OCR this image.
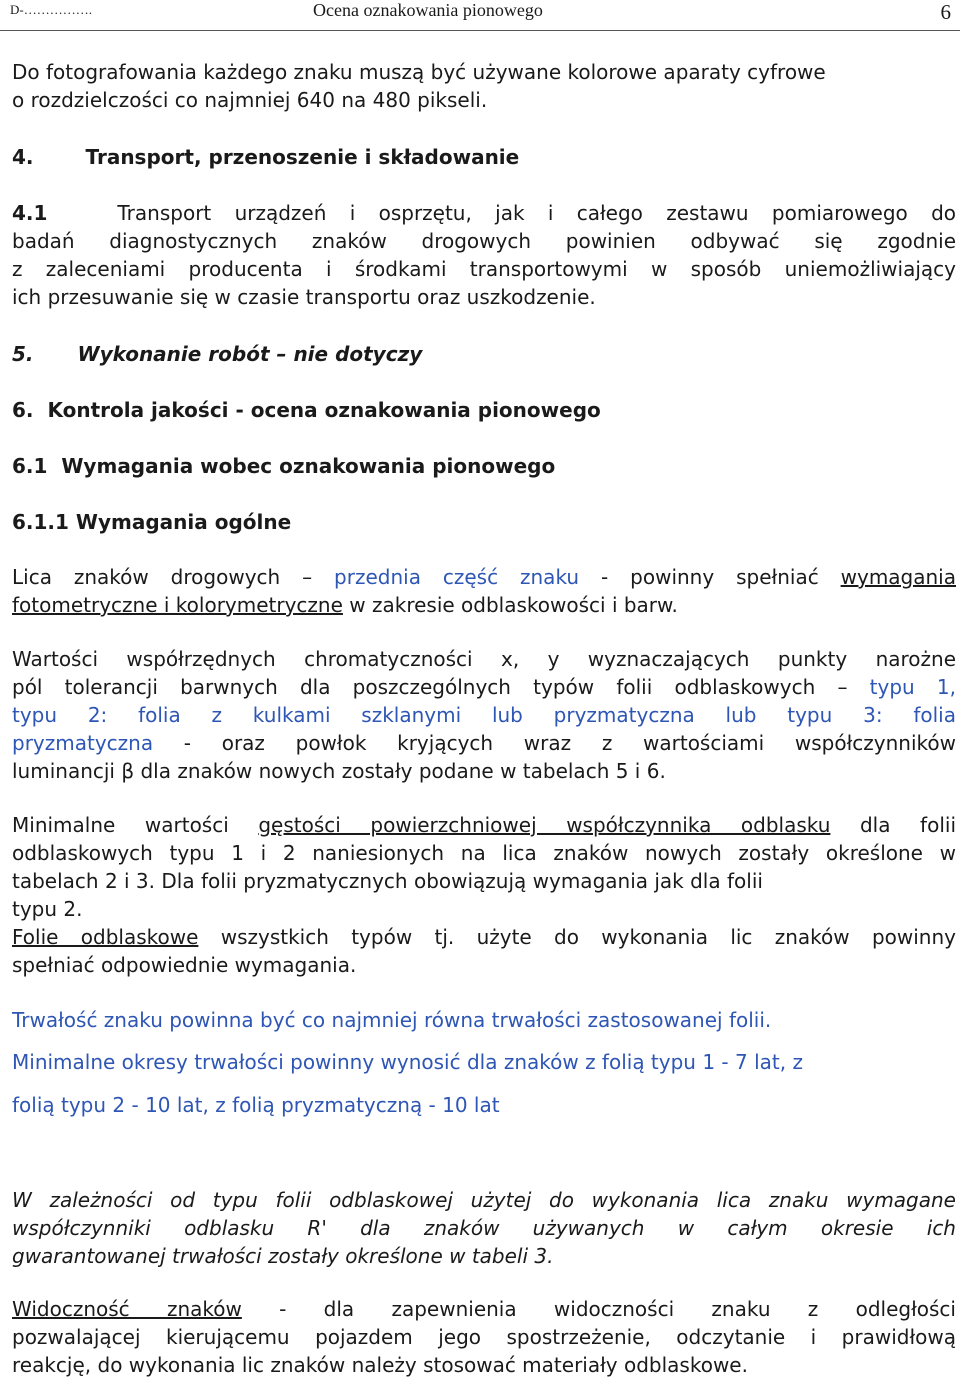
D-…………….	Ocena oznakowania pionowego	6
Do fotografowania każdego znaku muszą być używane kolorowe aparaty cyfrowe
o rozdzielczości co najmniej 640 na 480 pikseli.
4.	Transport, przenoszenie i składowanie
4.1	Transport urządzeń i osprzętu, jak i całego zestawu pomiarowego do
badań diagnostycznych znaków drogowych powinien odbywać się zgodnie
z zaleceniami producenta i środkami transportowymi w sposób uniemożliwiający
ich przesuwanie się w czasie transportu oraz uszkodzenie.
5. Wykonanie robót – nie dotyczy
6. Kontrola jakości - ocena oznakowania pionowego
6.1 Wymagania wobec oznakowania pionowego
6.1.1 Wymagania ogólne
Lica znaków drogowych – przednia część znaku - powinny spełniać wymagania
fotometryczne i kolorymetryczne w zakresie odblaskowości i barw.
Wartości współrzędnych chromatyczności x, y wyznaczających punkty narożne
pól tolerancji barwnych dla poszczególnych typów folii odblaskowych – typu 1,
typu 2: folia z kulkami szklanymi lub pryzmatyczna lub typu 3: folia
pryzmatyczna - oraz powłok kryjących wraz z wartościami współczynników
luminancji β dla znaków nowych zostały podane w tabelach 5 i 6.
Minimalne wartości gęstości powierzchniowej współczynnika odblasku dla folii
odblaskowych typu 1 i 2 naniesionych na lica znaków nowych zostały określone w
tabelach 2 i 3. Dla folii pryzmatycznych obowiązują wymagania jak dla folii
typu 2.
Folie odblaskowe wszystkich typów tj. użyte do wykonania lic znaków powinny
spełniać odpowiednie wymagania.
Trwałość znaku powinna być co najmniej równa trwałości zastosowanej folii.
Minimalne okresy trwałości powinny wynosić dla znaków z folią typu 1 - 7 lat, z
folią typu 2 - 10 lat, z folią pryzmatyczną - 10 lat
W zależności od typu folii odblaskowej użytej do wykonania lica znaku wymagane
współczynniki odblasku R' dla znaków używanych w całym okresie ich
gwarantowanej trwałości zostały określone w tabeli 3.
Widoczność znaków - dla zapewnienia widoczności znaku z odległości
pozwalającej kierującemu pojazdem jego spostrzeżenie, odczytanie i prawidłową
reakcję, do wykonania lic znaków należy stosować materiały odblaskowe.
